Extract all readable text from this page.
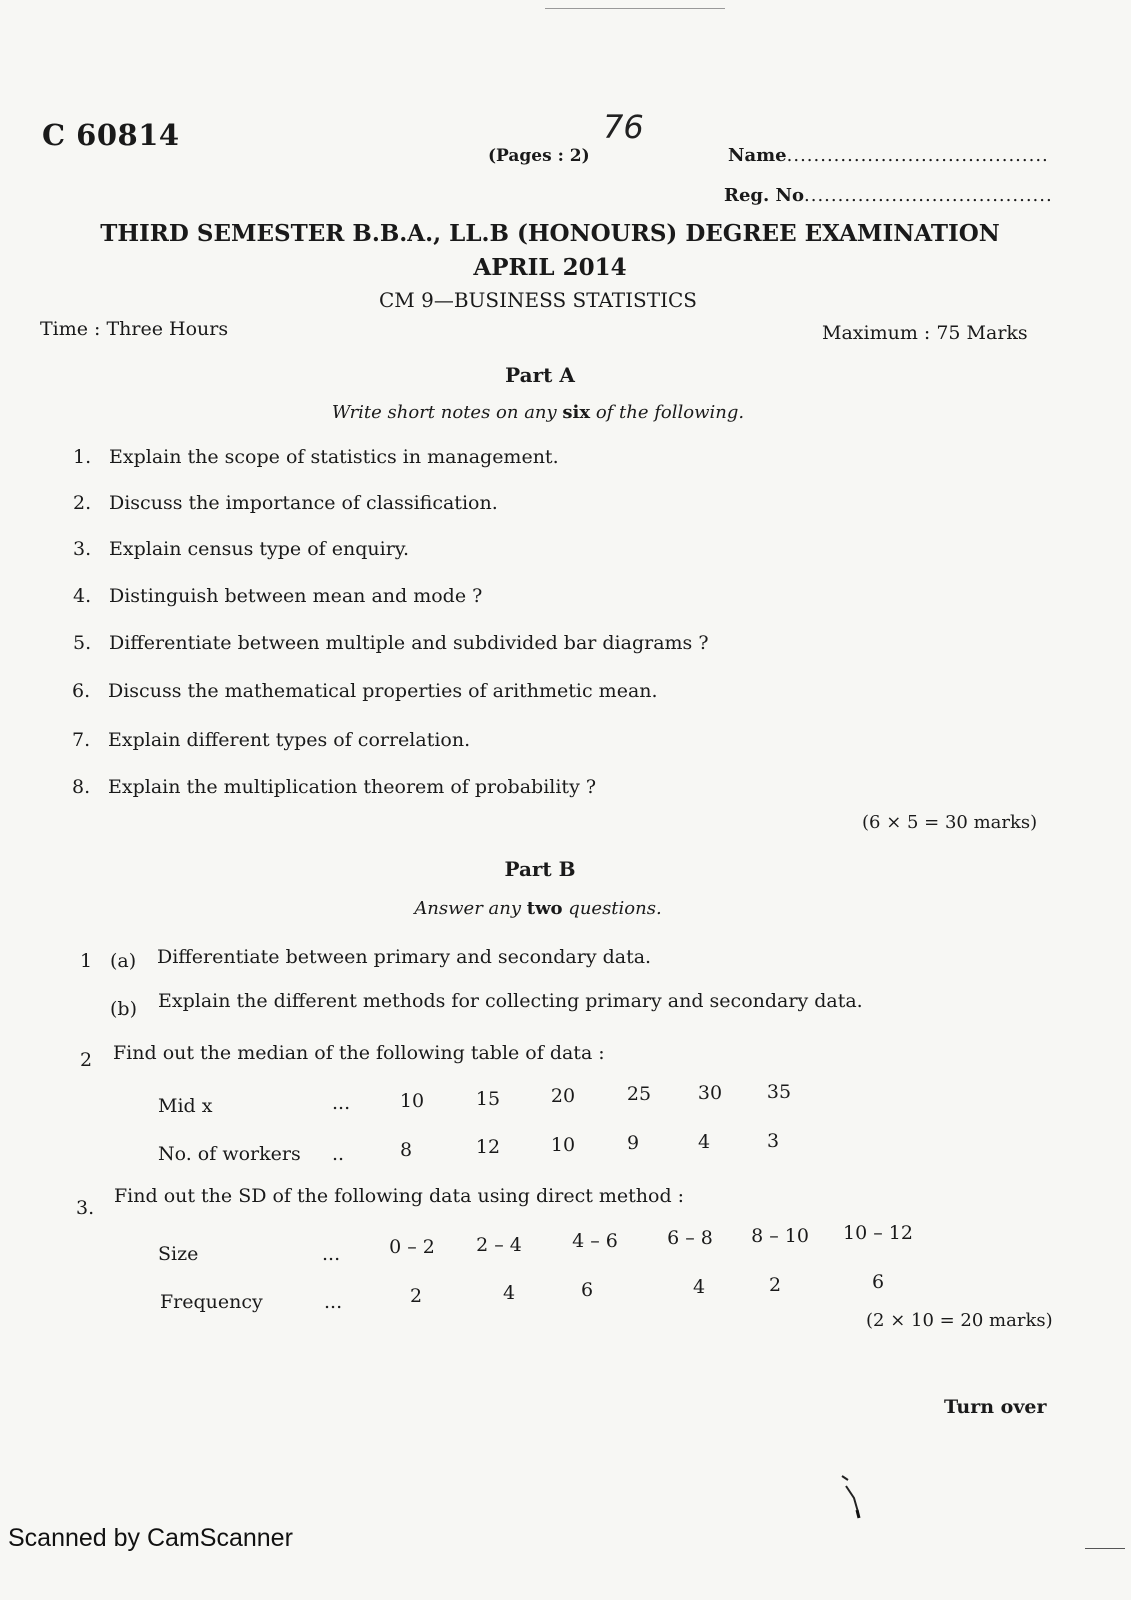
C 60814
(Pages : 2)
76
Name.......................................
Reg. No.....................................
THIRD SEMESTER B.B.A., LL.B (HONOURS) DEGREE EXAMINATION
APRIL 2014
CM 9—BUSINESS STATISTICS
Time : Three Hours	Maximum : 75 Marks
Part A
Write short notes on any six of the following.
1. Explain the scope of statistics in management.
2. Discuss the importance of classification.
3. Explain census type of enquiry.
4. Distinguish between mean and mode ?
5. Differentiate between multiple and subdivided bar diagrams ?
6. Discuss the mathematical properties of arithmetic mean.
7. Explain different types of correlation.
8. Explain the multiplication theorem of probability ?
(6 × 5 = 30 marks)
Part B
Answer any two questions.
1 (a) Differentiate between primary and secondary data.
(b) Explain the different methods for collecting primary and secondary data.
2 Find out the median of the following table of data :
Mid x	...	10	15	20	25	30	35
No. of workers ..	8	12	10	9	4	3
3.
Find out the SD of the following data using direct method :
Size	...	0 – 2	2 – 4	4 – 6	6 – 8	8 – 10	10 – 12
Frequency	...	2	4	6	4	2	6
(2 × 10 = 20 marks)
Turn over
Scanned by CamScanner
